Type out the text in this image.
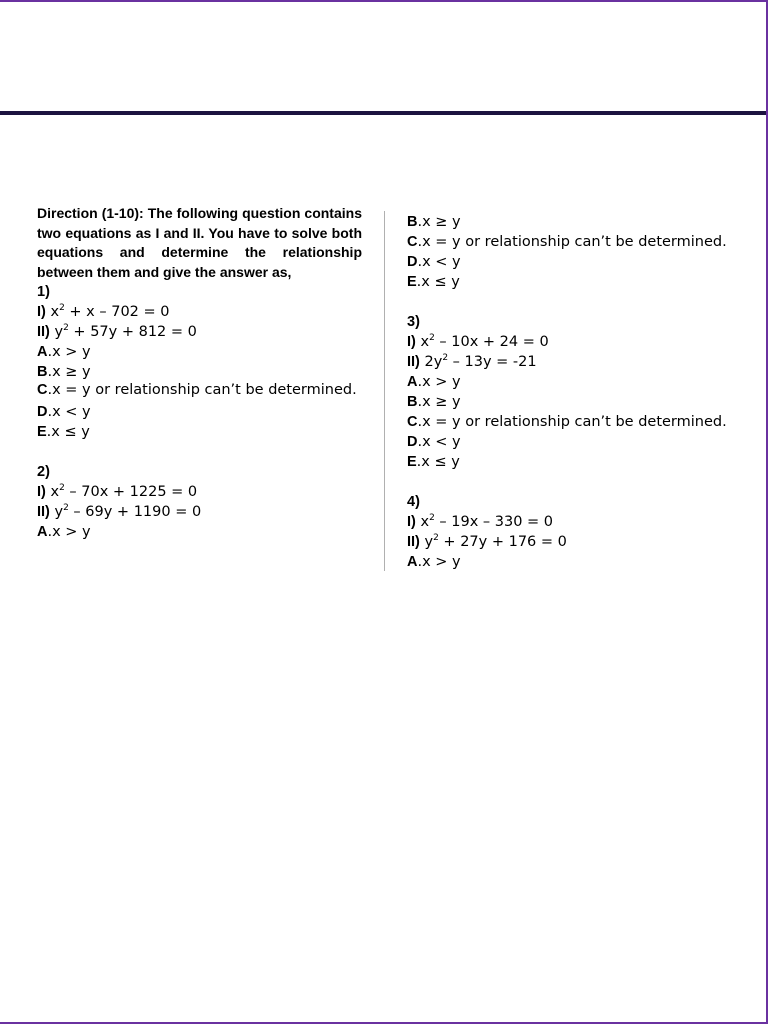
Direction (1-10): The following question contains two equations as I and II. You have to solve both equations and determine the relationship between them and give the answer as,

1)

I) $x^2 + x - 702 = 0$

II) $y^2 + 57y + 812 = 0$

A.x > y

B.x ≥ y

C.x = y or relationship can’t be determined.

D.x < y

E.x ≤ y

2)

I) $x^2 - 70x + 1225 = 0$

II) $y^2 - 69y + 1190 = 0$

A.x > y

B.x ≥ y

C.x = y or relationship can’t be determined.

D.x < y

E.x ≤ y

3)

I) $x^2 - 10x + 24 = 0$

II) $2y^2 - 13y = -21$

A.x > y

B.x ≥ y

C.x = y or relationship can’t be determined.

D.x < y

E.x ≤ y

4)

I) $x^2 - 19x - 330 = 0$

II) $y^2 + 27y + 176 = 0$

A.x > y
